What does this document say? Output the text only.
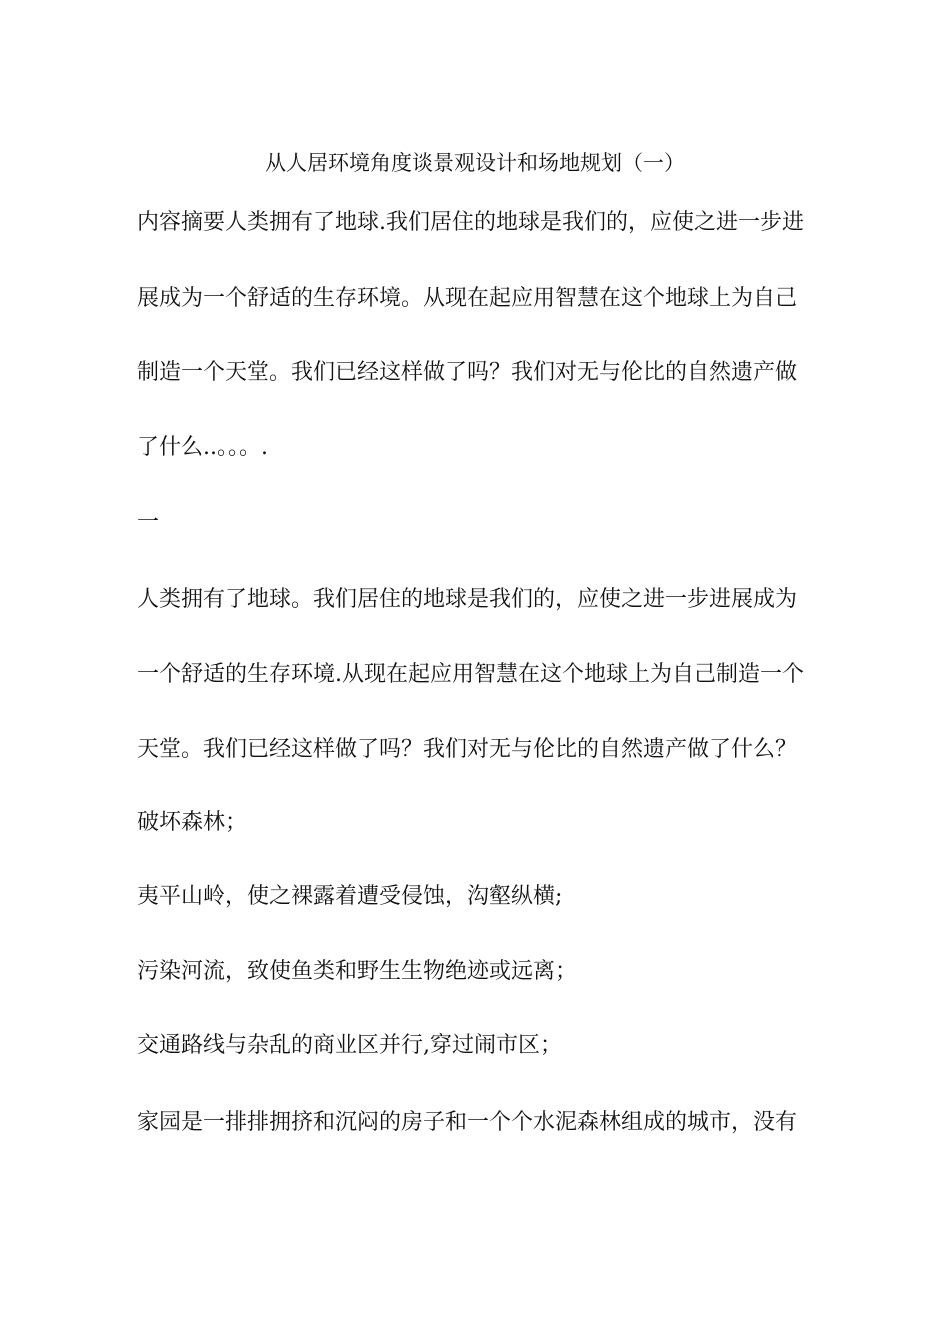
从人居环境角度谈景观设计和场地规划（一）
内容摘要人类拥有了地球.我们居住的地球是我们的，应使之进一步进
展成为一个舒适的生存环境。从现在起应用智慧在这个地球上为自己
制造一个天堂。我们已经这样做了吗？我们对无与伦比的自然遗产做
了什么..。。。.
一
人类拥有了地球。我们居住的地球是我们的，应使之进一步进展成为
一个舒适的生存环境.从现在起应用智慧在这个地球上为自己制造一个
天堂。我们已经这样做了吗？我们对无与伦比的自然遗产做了什么？
破坏森林；
夷平山岭，使之裸露着遭受侵蚀，沟壑纵横;
污染河流，致使鱼类和野生生物绝迹或远离；
交通路线与杂乱的商业区并行,穿过闹市区；
家园是一排排拥挤和沉闷的房子和一个个水泥森林组成的城市，没有
